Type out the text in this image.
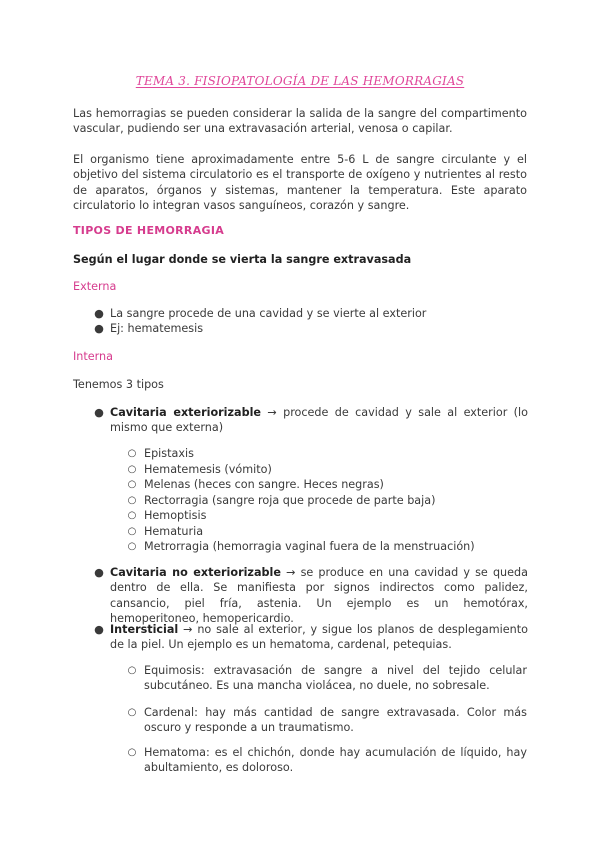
TEMA 3. FISIOPATOLOGÍA DE LAS HEMORRAGIAS
Las hemorragias se pueden considerar la salida de la sangre del compartimento vascular, pudiendo ser una extravasación arterial, venosa o capilar.
El organismo tiene aproximadamente entre 5-6 L de sangre circulante y el objetivo del sistema circulatorio es el transporte de oxígeno y nutrientes al resto de aparatos, órganos y sistemas, mantener la temperatura. Este aparato circulatorio lo integran vasos sanguíneos, corazón y sangre.
TIPOS DE HEMORRAGIA
Según el lugar donde se vierta la sangre extravasada
Externa
● La sangre procede de una cavidad y se vierte al exterior
● Ej: hematemesis
Interna
Tenemos 3 tipos
● Cavitaria exteriorizable → procede de cavidad y sale al exterior (lo mismo que externa)
○ Epistaxis
○ Hematemesis (vómito)
○ Melenas (heces con sangre. Heces negras)
○ Rectorragia (sangre roja que procede de parte baja)
○ Hemoptisis
○ Hematuria
○ Metrorragia (hemorragia vaginal fuera de la menstruación)
● Cavitaria no exteriorizable → se produce en una cavidad y se queda dentro de ella. Se manifiesta por signos indirectos como palidez, cansancio, piel fría, astenia. Un ejemplo es un hemotórax, hemoperitoneo, hemopericardio.
● Intersticial → no sale al exterior, y sigue los planos de desplegamiento de la piel. Un ejemplo es un hematoma, cardenal, petequias.
○ Equimosis: extravasación de sangre a nivel del tejido celular subcutáneo. Es una mancha violácea, no duele, no sobresale.
○ Cardenal: hay más cantidad de sangre extravasada. Color más oscuro y responde a un traumatismo.
○ Hematoma: es el chichón, donde hay acumulación de líquido, hay abultamiento, es doloroso.
